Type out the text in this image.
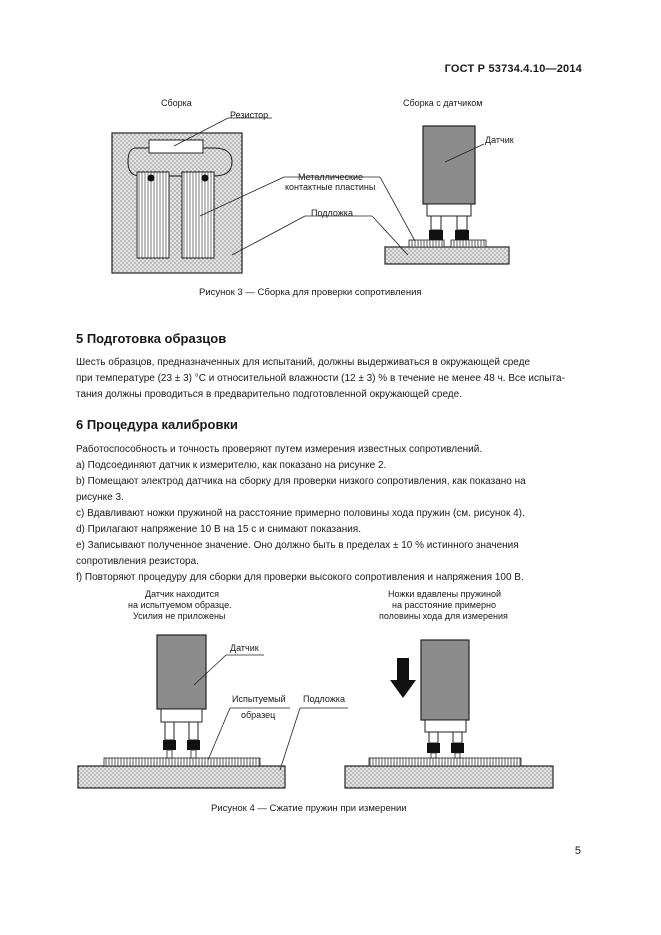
ГОСТ Р 53734.4.10—2014
Сборка	Сборка с датчиком
Резистор
Датчик
Металлические
контактные пластины
Подложка
Рисунок 3 — Сборка для проверки сопротивления
5 Подготовка образцов

Шесть образцов, предназначенных для испытаний, должны выдерживаться в окружающей среде

при температуре (23 ± 3) °С и относительной влажности (12 ± 3) % в течение не менее 48 ч. Все испыта-

тания должны проводиться в предварительно подготовленной окружающей среде.

6 Процедура калибровки

Работоспособность и точность проверяют путем измерения известных сопротивлений.

а) Подсоединяют датчик к измерителю, как показано на рисунке 2.

b) Помещают электрод датчика на сборку для проверки низкого сопротивления, как показано на

рисунке 3.

с) Вдавливают ножки пружиной на расстояние примерно половины хода пружин (см. рисунок 4).

d) Прилагают напряжение 10 В на 15 с и снимают показания.

е) Записывают полученное значение. Оно должно быть в пределах ± 10 % истинного значения

сопротивления резистора.

f) Повторяют процедуру для сборки для проверки высокого сопротивления и напряжения 100 В.

Датчик находится
на испытуемом образце.
Усилия не приложены
Ножки вдавлены пружиной
на расстояние примерно
половины хода для измерения
Датчик
Испытуемый
образец
Подложка
Рисунок 4 — Сжатие пружин при измерении
5
